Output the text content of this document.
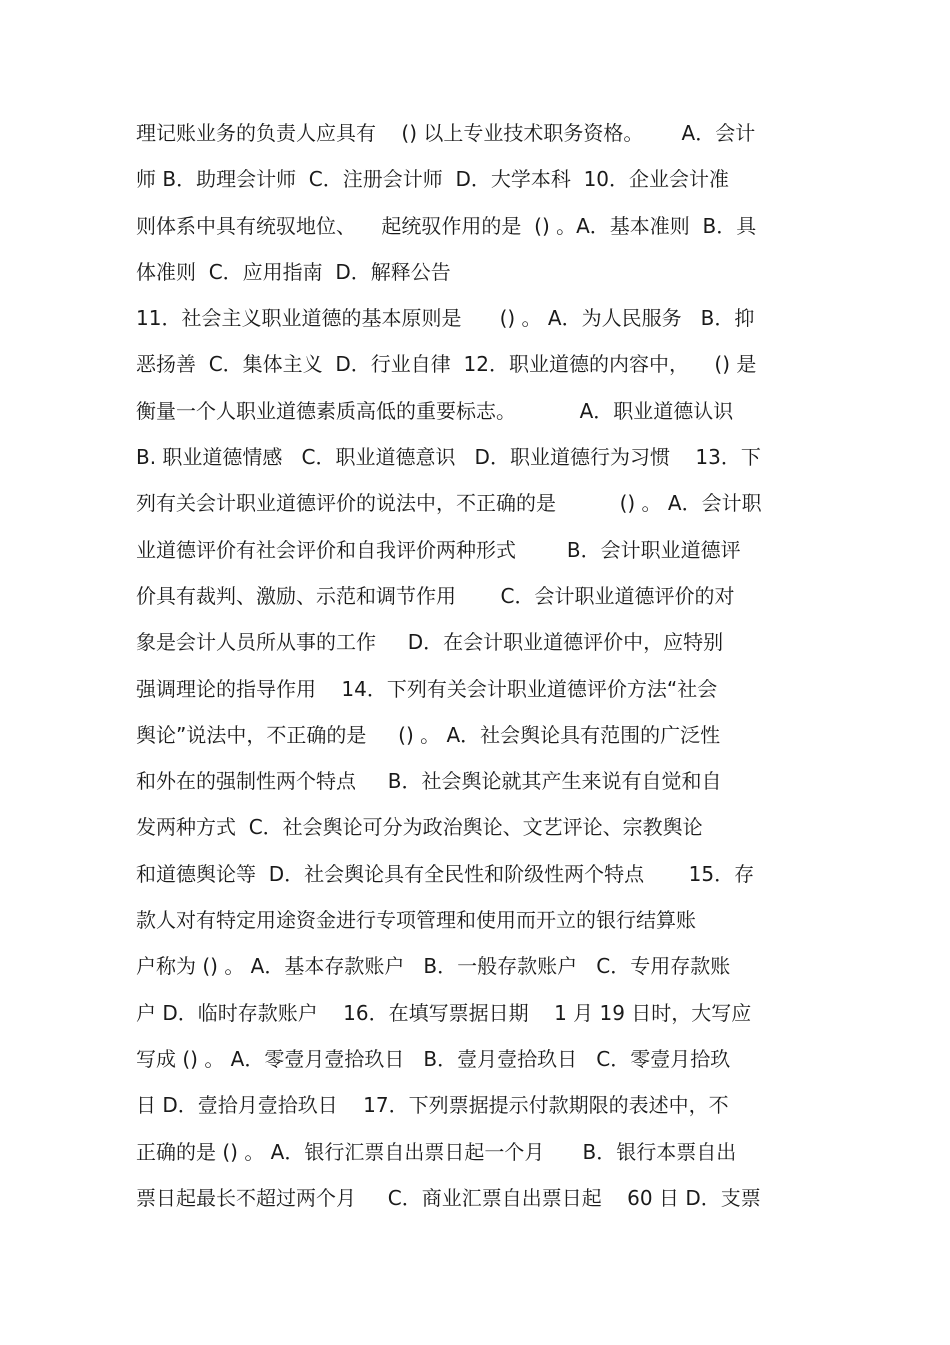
理记账业务的负责人应具有    () 以上专业技术职务资格。      A．会计
师 B．助理会计师  C．注册会计师  D．大学本科  10．企业会计准
则体系中具有统驭地位、    起统驭作用的是  () 。A．基本准则  B．具
体准则  C．应用指南  D．解释公告
11．社会主义职业道德的基本原则是      () 。 A．为人民服务   B．抑
恶扬善  C．集体主义  D．行业自律  12．职业道德的内容中，    () 是
衡量一个人职业道德素质高低的重要标志。          A．职业道德认识
B. 职业道德情感   C．职业道德意识   D．职业道德行为习惯    13．下
列有关会计职业道德评价的说法中，不正确的是          () 。 A．会计职
业道德评价有社会评价和自我评价两种形式        B．会计职业道德评
价具有裁判、激励、示范和调节作用       C．会计职业道德评价的对
象是会计人员所从事的工作     D．在会计职业道德评价中，应特别
强调理论的指导作用    14．下列有关会计职业道德评价方法“社会
舆论”说法中，不正确的是     () 。 A．社会舆论具有范围的广泛性
和外在的强制性两个特点     B．社会舆论就其产生来说有自觉和自
发两种方式  C．社会舆论可分为政治舆论、文艺评论、宗教舆论
和道德舆论等  D．社会舆论具有全民性和阶级性两个特点       15．存
款人对有特定用途资金进行专项管理和使用而开立的银行结算账
户称为 () 。 A．基本存款账户   B．一般存款账户   C．专用存款账
户 D．临时存款账户    16．在填写票据日期    1 月 19 日时，大写应
写成 () 。 A．零壹月壹拾玖日   B．壹月壹拾玖日   C．零壹月拾玖
日 D．壹拾月壹拾玖日    17．下列票据提示付款期限的表述中，不
正确的是 () 。 A．银行汇票自出票日起一个月      B．银行本票自出
票日起最长不超过两个月     C．商业汇票自出票日起    60 日 D．支票
